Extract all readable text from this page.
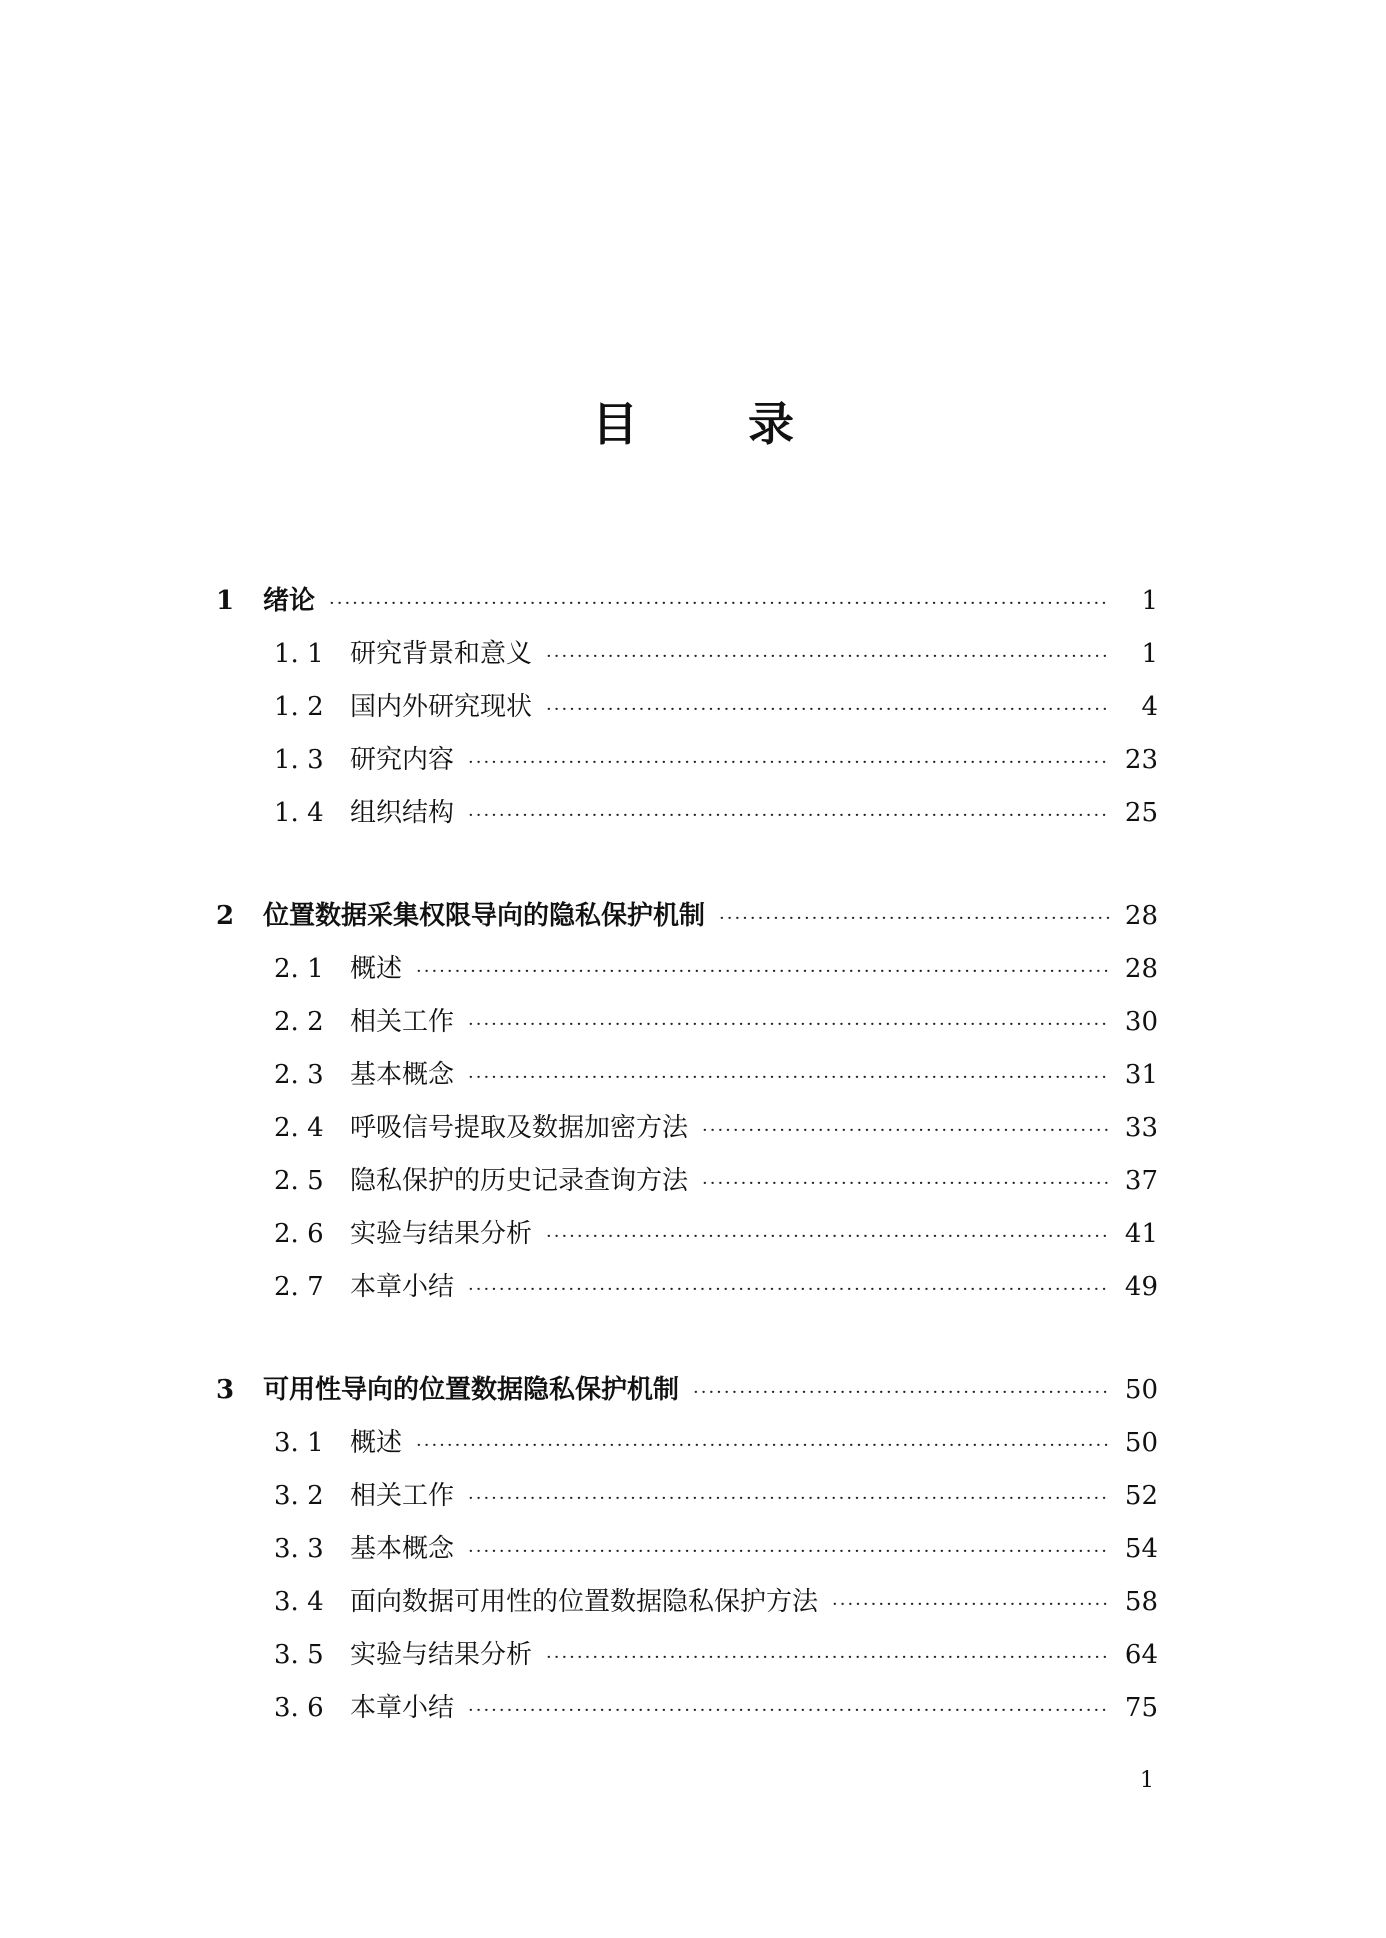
目 录
1	绪论 ·····	1
1. 1	研究背景和意义 ·····	1
1. 2	国内外研究现状 ·····	4
1. 3	研究内容 ·····	23
1. 4	组织结构 ·····	25
2	位置数据采集权限导向的隐私保护机制 ·····	28
2. 1	概述 ·····	28
2. 2	相关工作 ·····	30
2. 3	基本概念 ·····	31
2. 4	呼吸信号提取及数据加密方法 ·····	33
2. 5	隐私保护的历史记录查询方法 ·····	37
2. 6	实验与结果分析 ·····	41
2. 7	本章小结 ·····	49
3	可用性导向的位置数据隐私保护机制 ·····	50
3. 1	概述 ·····	50
3. 2	相关工作 ·····	52
3. 3	基本概念 ·····	54
3. 4	面向数据可用性的位置数据隐私保护方法 ·····	58
3. 5	实验与结果分析 ·····	64
3. 6	本章小结 ·····	75
1
